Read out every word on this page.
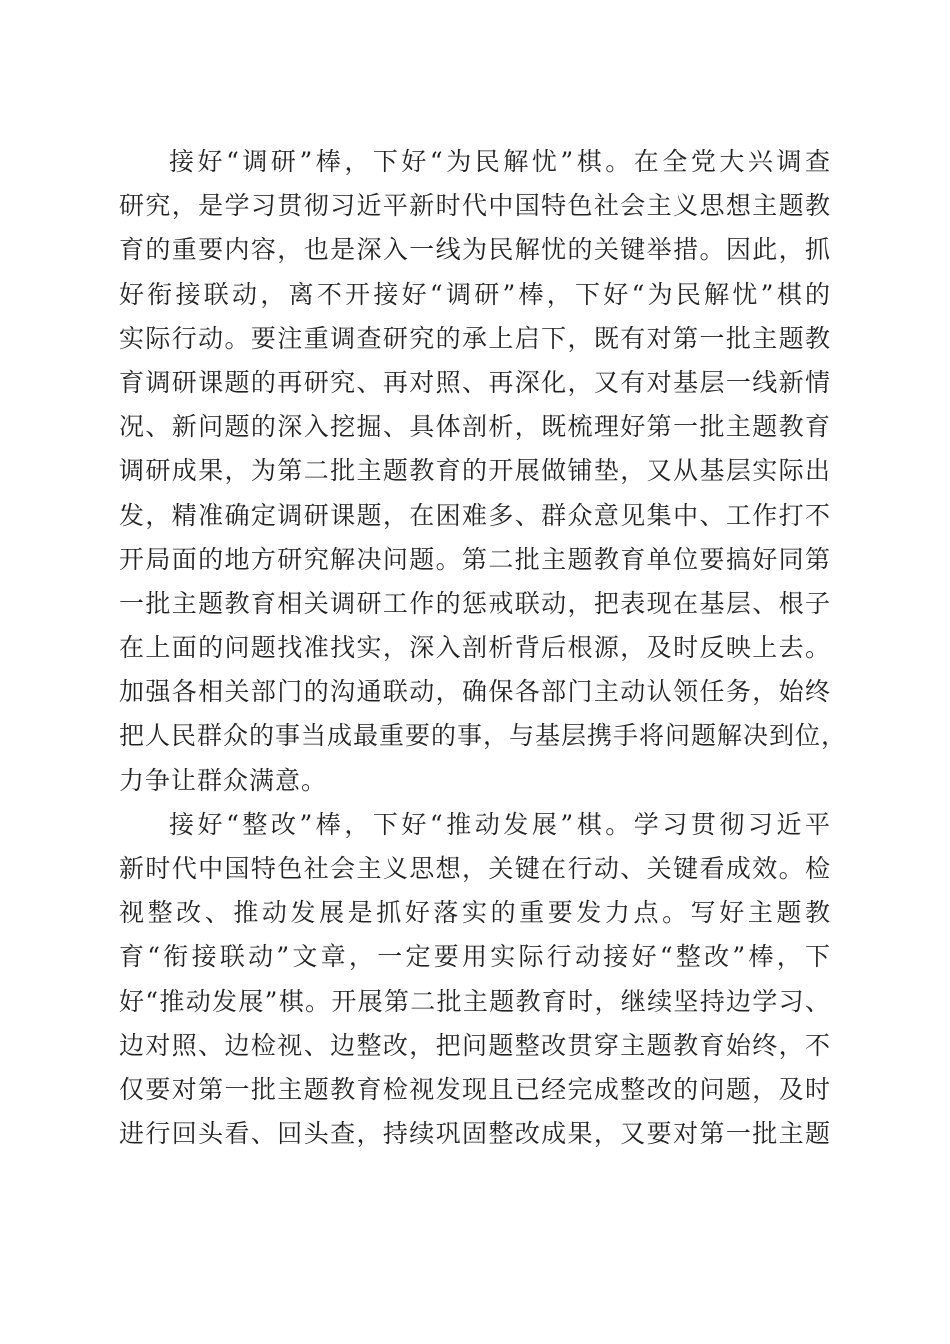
接好“调研”棒，下好“为民解忧”棋。在全党大兴调查
研究，是学习贯彻习近平新时代中国特色社会主义思想主题教
育的重要内容，也是深入一线为民解忧的关键举措。因此，抓
好衔接联动，离不开接好“调研”棒，下好“为民解忧”棋的
实际行动。要注重调查研究的承上启下，既有对第一批主题教
育调研课题的再研究、再对照、再深化，又有对基层一线新情
况、新问题的深入挖掘、具体剖析，既梳理好第一批主题教育
调研成果，为第二批主题教育的开展做铺垫，又从基层实际出
发，精准确定调研课题，在困难多、群众意见集中、工作打不
开局面的地方研究解决问题。第二批主题教育单位要搞好同第
一批主题教育相关调研工作的惩戒联动，把表现在基层、根子
在上面的问题找准找实，深入剖析背后根源，及时反映上去。
加强各相关部门的沟通联动，确保各部门主动认领任务，始终
把人民群众的事当成最重要的事，与基层携手将问题解决到位，
力争让群众满意。
接好“整改”棒，下好“推动发展”棋。学习贯彻习近平
新时代中国特色社会主义思想，关键在行动、关键看成效。检
视整改、推动发展是抓好落实的重要发力点。写好主题教
育“衔接联动”文章，一定要用实际行动接好“整改”棒，下
好“推动发展”棋。开展第二批主题教育时，继续坚持边学习、
边对照、边检视、边整改，把问题整改贯穿主题教育始终，不
仅要对第一批主题教育检视发现且已经完成整改的问题，及时
进行回头看、回头查，持续巩固整改成果，又要对第一批主题
